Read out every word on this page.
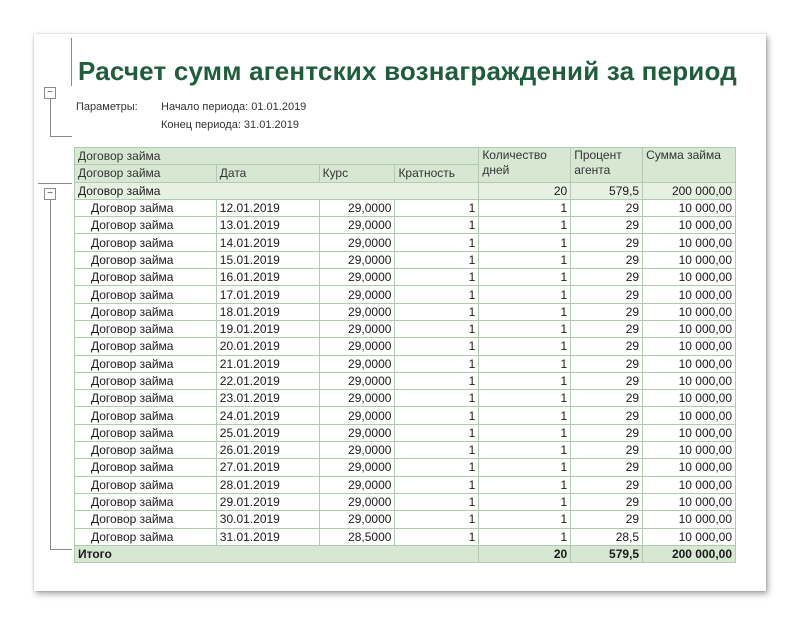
−
−
Расчет сумм агентских вознаграждений за период
Параметры: Начало периода: 01.01.2019
Конец периода: 31.01.2019
Договор займа				Количество дней	Процент агента	Сумма займа
Договор займа	Дата	Курс	Кратность			
Договор займа				20	579,5	200 000,00
Договор займа	12.01.2019	29,0000	1	1	29	10 000,00
Договор займа	13.01.2019	29,0000	1	1	29	10 000,00
Договор займа	14.01.2019	29,0000	1	1	29	10 000,00
Договор займа	15.01.2019	29,0000	1	1	29	10 000,00
Договор займа	16.01.2019	29,0000	1	1	29	10 000,00
Договор займа	17.01.2019	29,0000	1	1	29	10 000,00
Договор займа	18.01.2019	29,0000	1	1	29	10 000,00
Договор займа	19.01.2019	29,0000	1	1	29	10 000,00
Договор займа	20.01.2019	29,0000	1	1	29	10 000,00
Договор займа	21.01.2019	29,0000	1	1	29	10 000,00
Договор займа	22.01.2019	29,0000	1	1	29	10 000,00
Договор займа	23.01.2019	29,0000	1	1	29	10 000,00
Договор займа	24.01.2019	29,0000	1	1	29	10 000,00
Договор займа	25.01.2019	29,0000	1	1	29	10 000,00
Договор займа	26.01.2019	29,0000	1	1	29	10 000,00
Договор займа	27.01.2019	29,0000	1	1	29	10 000,00
Договор займа	28.01.2019	29,0000	1	1	29	10 000,00
Договор займа	29.01.2019	29,0000	1	1	29	10 000,00
Договор займа	30.01.2019	29,0000	1	1	29	10 000,00
Договор займа	31.01.2019	28,5000	1	1	28,5	10 000,00
Итого				20	579,5	200 000,00
